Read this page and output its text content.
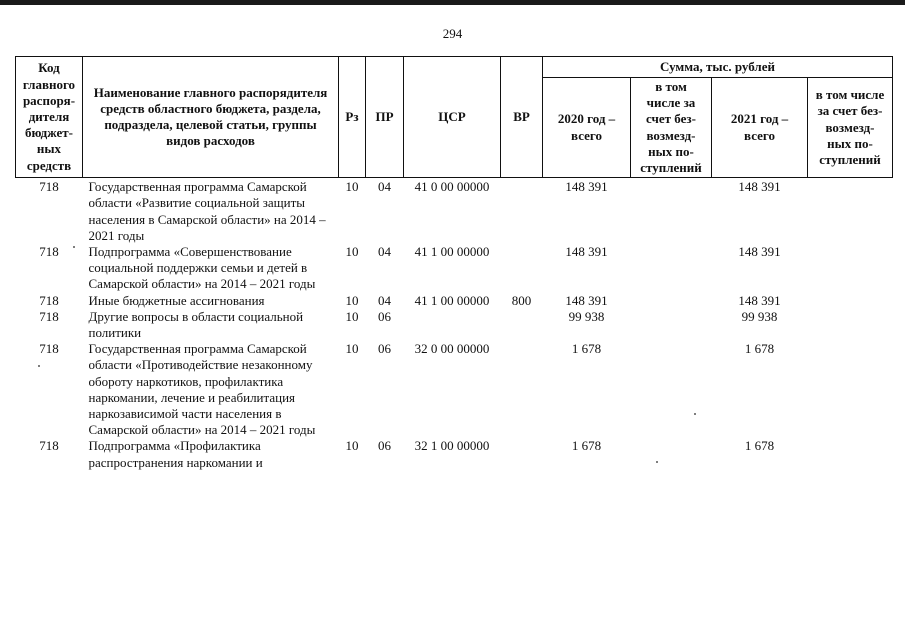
294
Код главного распоря-дителя бюджет-ных средств	Наименование главного распорядителя средств областного бюджета, раздела, подраздела, целевой статьи, группы видов расходов	Рз	ПР	ЦСР	ВР	Сумма, тыс. рублей			
						2020 год – всего	в том числе за счет без-возмезд-ных по-ступлений	2021 год – всего	в том числе за счет без-возмезд-ных по-ступлений
718	Государственная программа Самарской области «Развитие социальной защиты населения в Самарской области» на 2014 – 2021 годы	10	04	41 0 00 00000		148 391		148 391	
718	Подпрограмма «Совершенствование социальной поддержки семьи и детей в Самарской области» на 2014 – 2021 годы	10	04	41 1 00 00000		148 391		148 391	
718	Иные бюджетные ассигнования	10	04	41 1 00 00000	800	148 391		148 391	
718	Другие вопросы в области социальной политики	10	06			99 938		99 938	
718	Государственная программа Самарской области «Противодействие незаконному обороту наркотиков, профилактика наркомании, лечение и реабилитация наркозависимой части населения в Самарской области» на 2014 – 2021 годы	10	06	32 0 00 00000		1 678		1 678	
718	Подпрограмма «Профилактика распространения наркомании и	10	06	32 1 00 00000		1 678		1 678	
